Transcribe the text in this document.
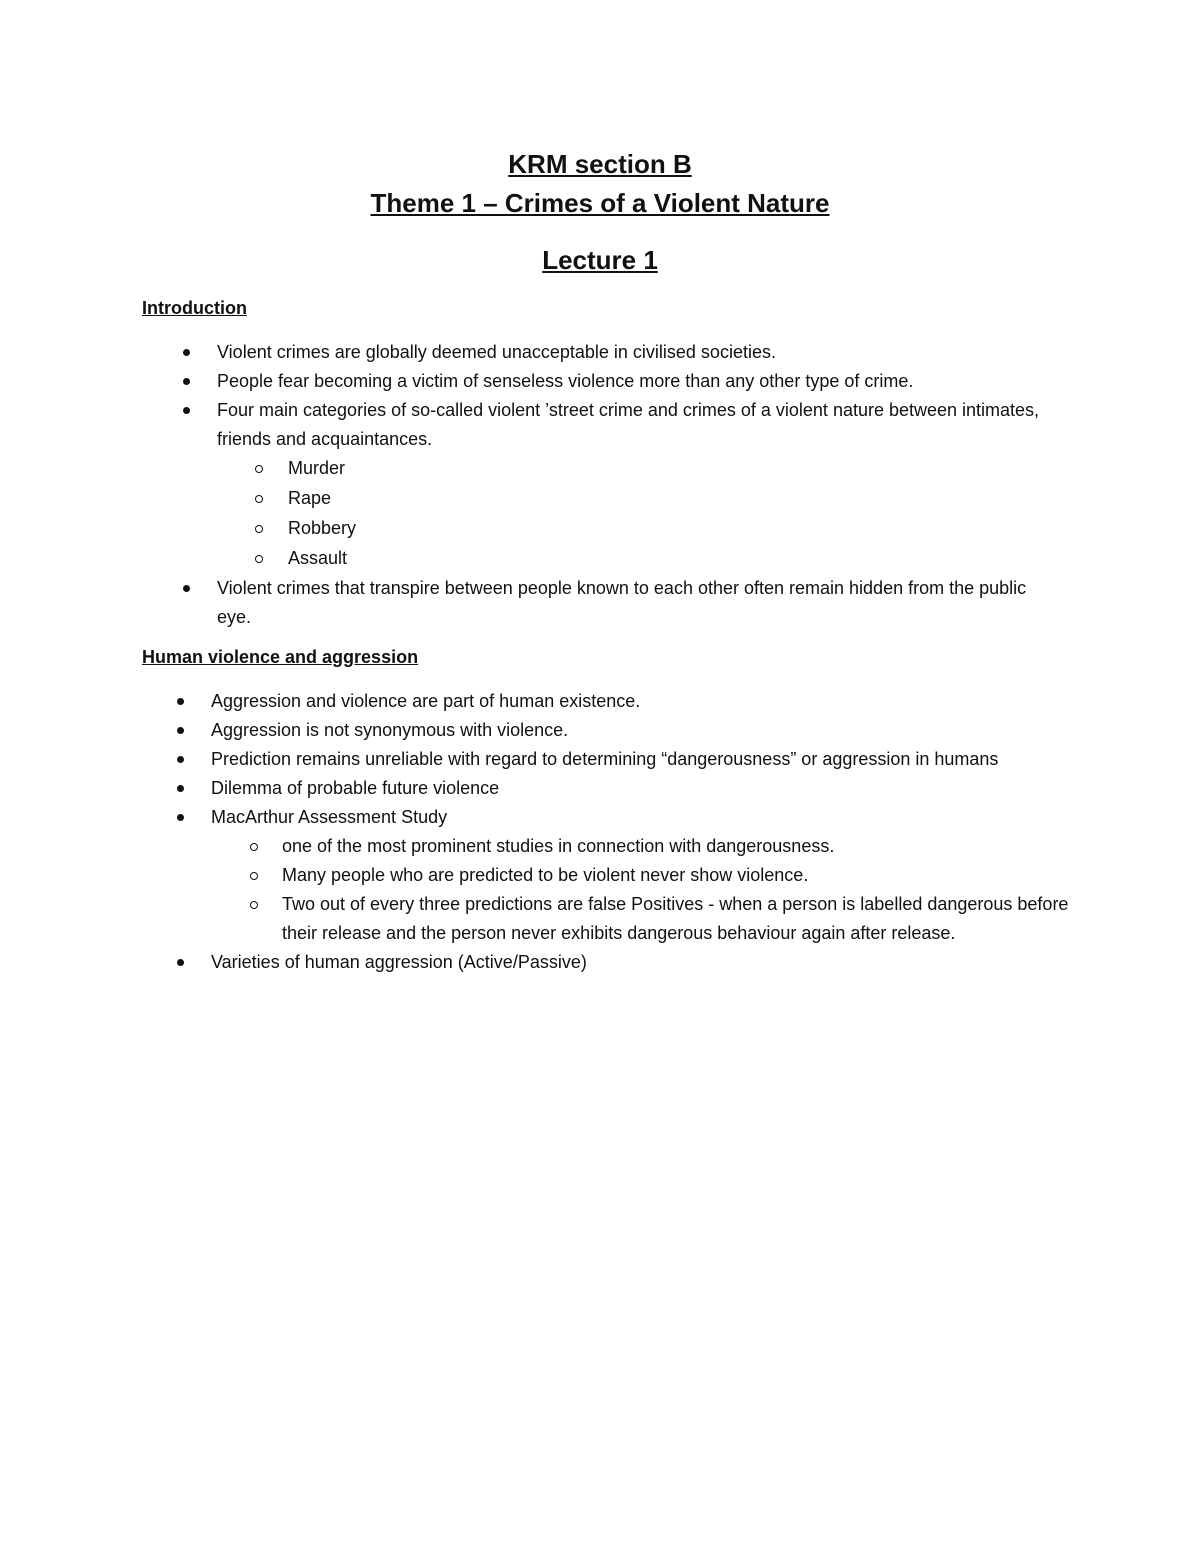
KRM section B
Theme 1 – Crimes of a Violent Nature
Lecture 1
Introduction
Violent crimes are globally deemed unacceptable in civilised societies.
People fear becoming a victim of senseless violence more than any other type of crime.
Four main categories of so-called violent ’street crime and crimes of a violent nature between intimates, friends and acquaintances.
Murder
Rape
Robbery
Assault
Violent crimes that transpire between people known to each other often remain hidden from the public eye.
Human violence and aggression
Aggression and violence are part of human existence.
Aggression is not synonymous with violence.
Prediction remains unreliable with regard to determining “dangerousness” or aggression in humans
Dilemma of probable future violence
MacArthur Assessment Study
one of the most prominent studies in connection with dangerousness.
Many people who are predicted to be violent never show violence.
Two out of every three predictions are false Positives - when a person is labelled dangerous before their release and the person never exhibits dangerous behaviour again after release.
Varieties of human aggression (Active/Passive)
